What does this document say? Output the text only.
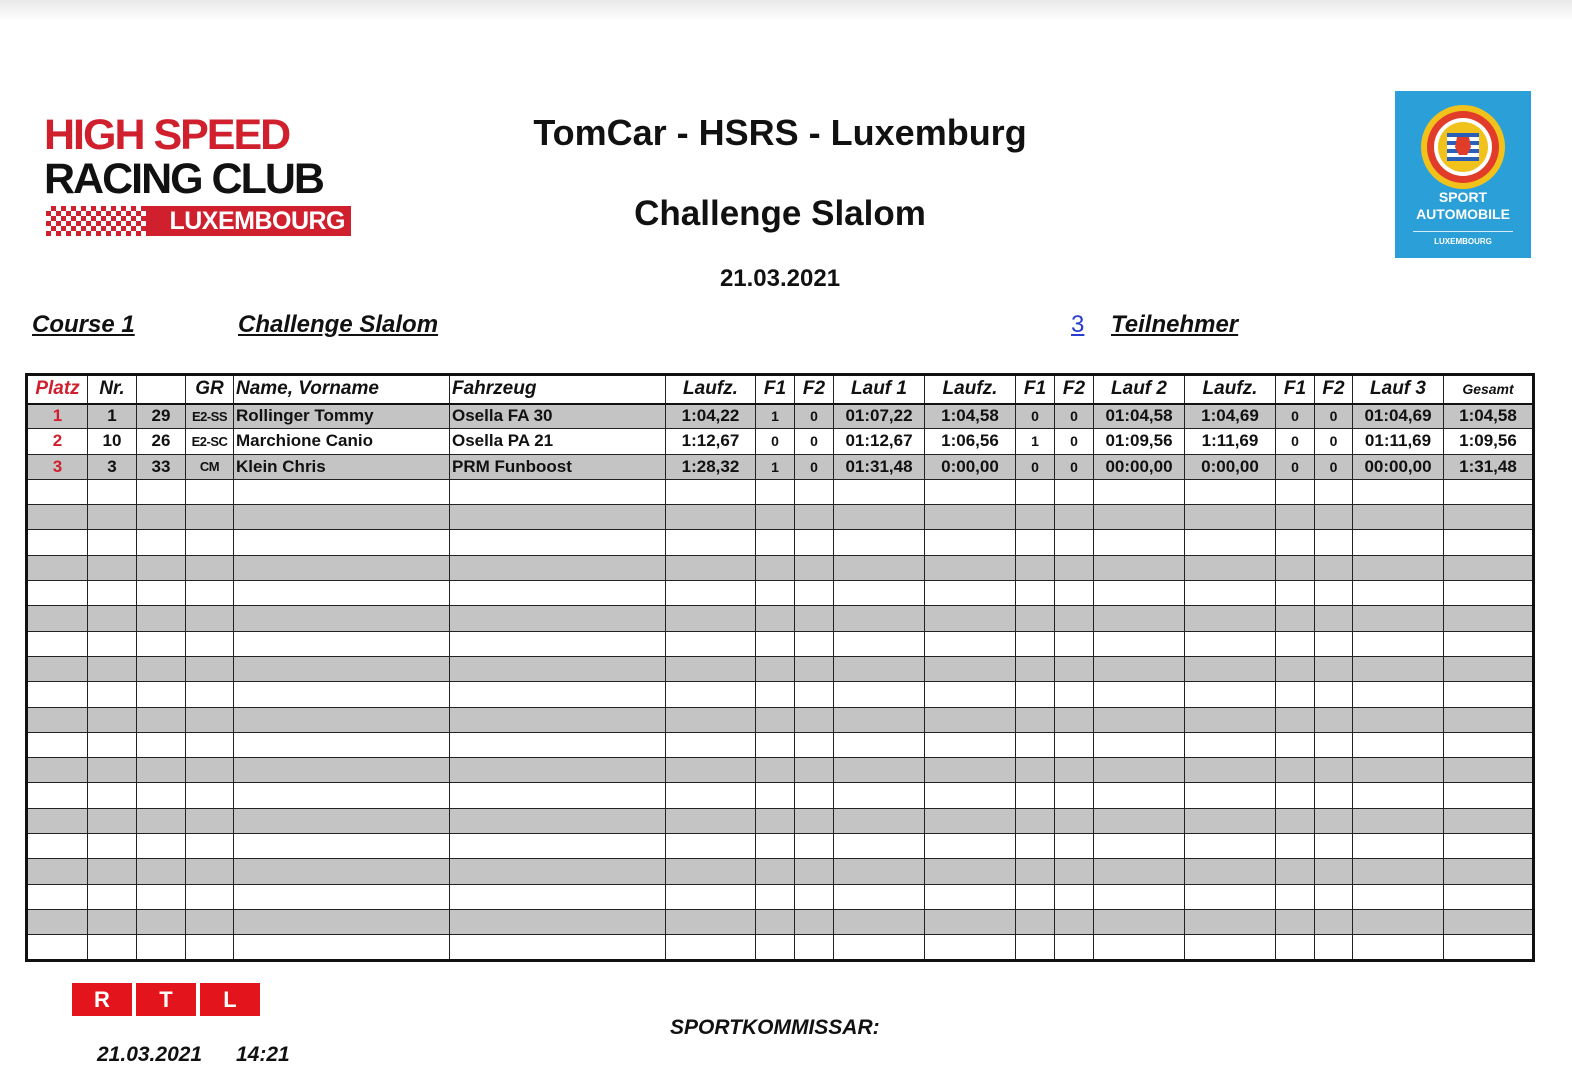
HIGH SPEED
RACING CLUB
LUXEMBOURG
TomCar - HSRS - Luxemburg
Challenge Slalom
21.03.2021
SPORT
AUTOMOBILE
LUXEMBOURG
Course 1	Challenge Slalom	3 Teilnehmer
Platz	Nr.		GR	Name, Vorname	Fahrzeug	Laufz.	F1	F2	Lauf 1	Laufz.	F1	F2	Lauf 2	Laufz.	F1	F2	Lauf 3	Gesamt
1	1	29	E2-SS	Rollinger Tommy	Osella FA 30	1:04,22	1	0	01:07,22	1:04,58	0	0	01:04,58	1:04,69	0	0	01:04,69	1:04,58
2	10	26	E2-SC	Marchione Canio	Osella PA 21	1:12,67	0	0	01:12,67	1:06,56	1	0	01:09,56	1:11,69	0	0	01:11,69	1:09,56
3	3	33	CM	Klein Chris	PRM Funboost	1:28,32	1	0	01:31,48	0:00,00	0	0	00:00,00	0:00,00	0	0	00:00,00	1:31,48

R T L
SPORTKOMMISSAR:
21.03.2021 14:21
